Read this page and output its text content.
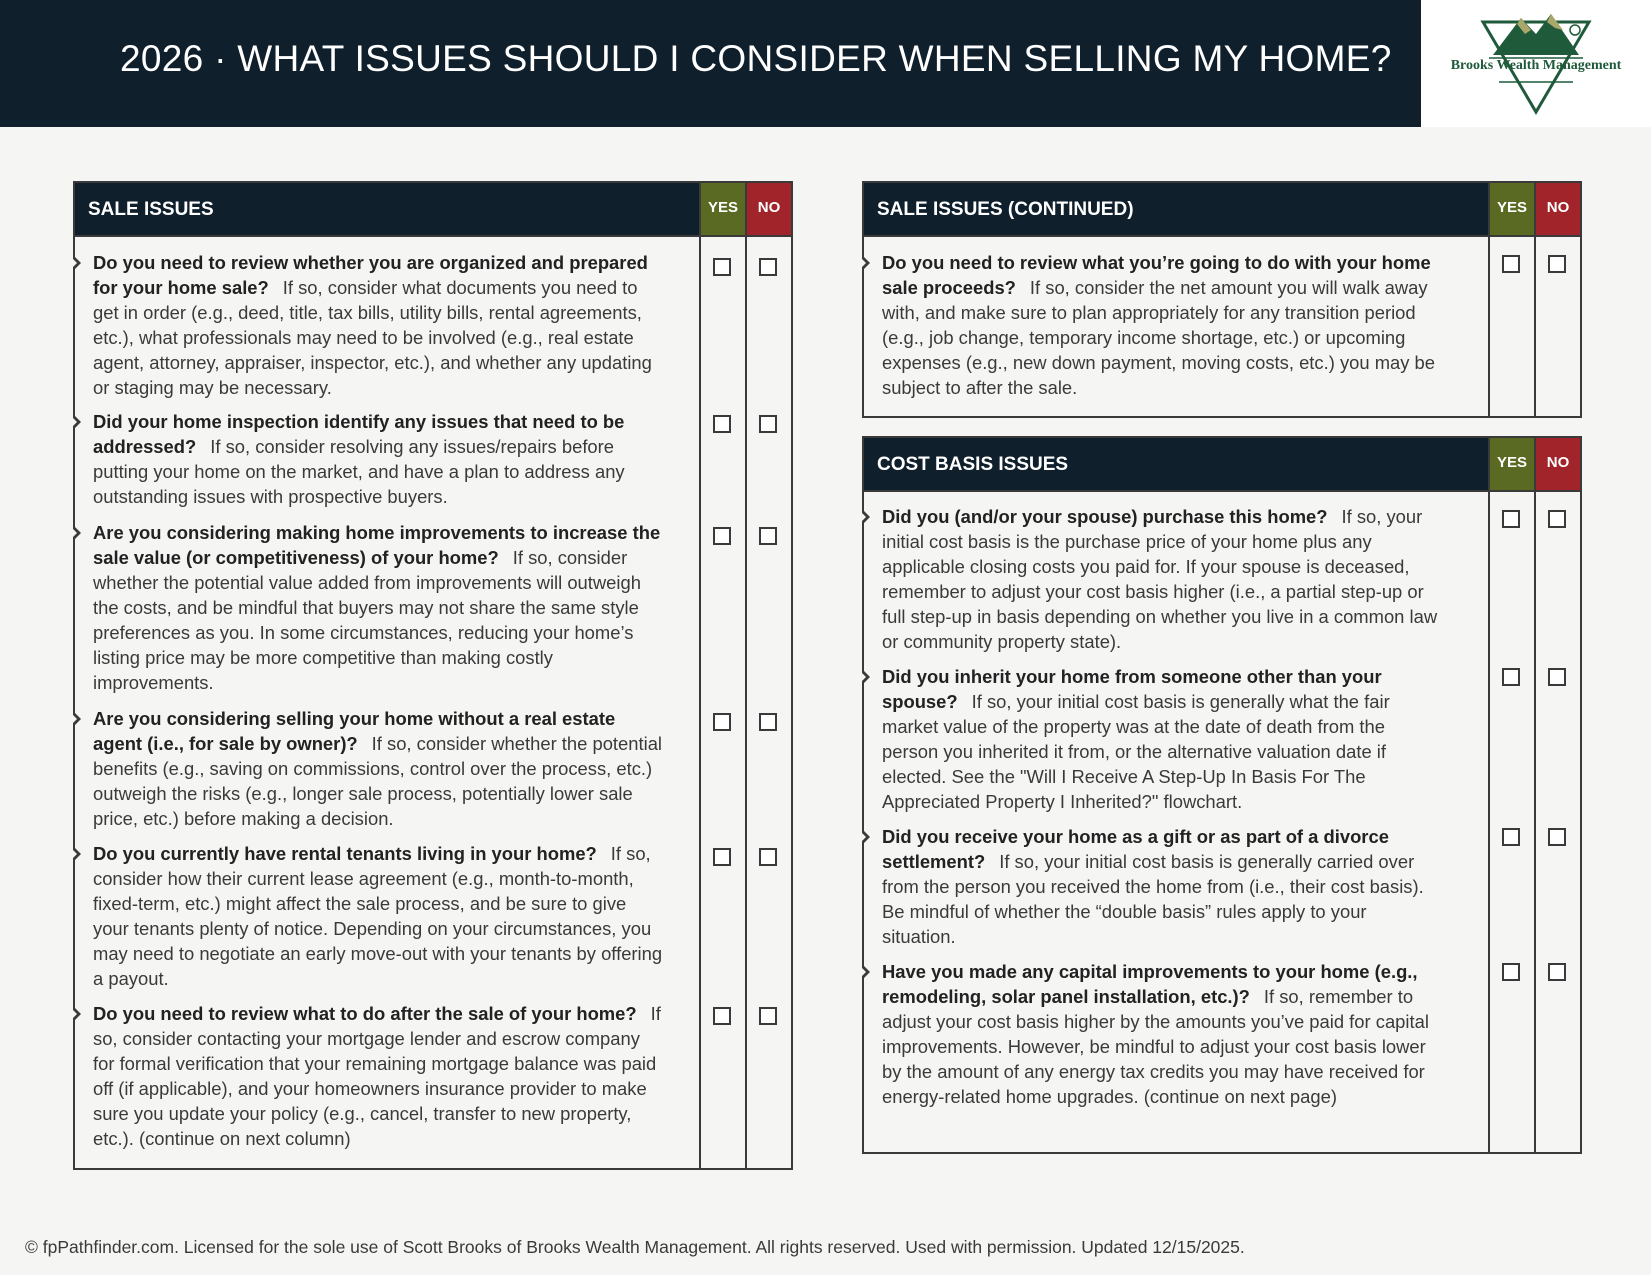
2026 · WHAT ISSUES SHOULD I CONSIDER WHEN SELLING MY HOME?	Brooks Wealth Management
SALE ISSUES	YES	NO
Do you need to review whether you are organized and prepared for your home sale? If so, consider what documents you need to get in order (e.g., deed, title, tax bills, utility bills, rental agreements, etc.), what professionals may need to be involved (e.g., real estate agent, attorney, appraiser, inspector, etc.), and whether any updating or staging may be necessary.
Did your home inspection identify any issues that need to be addressed? If so, consider resolving any issues/repairs before putting your home on the market, and have a plan to address any outstanding issues with prospective buyers.
Are you considering making home improvements to increase the sale value (or competitiveness) of your home? If so, consider whether the potential value added from improvements will outweigh the costs, and be mindful that buyers may not share the same style preferences as you. In some circumstances, reducing your home’s listing price may be more competitive than making costly improvements.
Are you considering selling your home without a real estate agent (i.e., for sale by owner)? If so, consider whether the potential benefits (e.g., saving on commissions, control over the process, etc.) outweigh the risks (e.g., longer sale process, potentially lower sale price, etc.) before making a decision.
Do you currently have rental tenants living in your home? If so, consider how their current lease agreement (e.g., month-to-month, fixed-term, etc.) might affect the sale process, and be sure to give your tenants plenty of notice. Depending on your circumstances, you may need to negotiate an early move-out with your tenants by offering a payout.
Do you need to review what to do after the sale of your home? If so, consider contacting your mortgage lender and escrow company for formal verification that your remaining mortgage balance was paid off (if applicable), and your homeowners insurance provider to make sure you update your policy (e.g., cancel, transfer to new property, etc.). (continue on next column)
SALE ISSUES (CONTINUED)	YES	NO
Do you need to review what you’re going to do with your home sale proceeds? If so, consider the net amount you will walk away with, and make sure to plan appropriately for any transition period (e.g., job change, temporary income shortage, etc.) or upcoming expenses (e.g., new down payment, moving costs, etc.) you may be subject to after the sale.
COST BASIS ISSUES	YES	NO
Did you (and/or your spouse) purchase this home? If so, your initial cost basis is the purchase price of your home plus any applicable closing costs you paid for. If your spouse is deceased, remember to adjust your cost basis higher (i.e., a partial step-up or full step-up in basis depending on whether you live in a common law or community property state).
Did you inherit your home from someone other than your spouse? If so, your initial cost basis is generally what the fair market value of the property was at the date of death from the person you inherited it from, or the alternative valuation date if elected. See the "Will I Receive A Step-Up In Basis For The Appreciated Property I Inherited?" flowchart.
Did you receive your home as a gift or as part of a divorce settlement? If so, your initial cost basis is generally carried over from the person you received the home from (i.e., their cost basis). Be mindful of whether the “double basis” rules apply to your situation.
Have you made any capital improvements to your home (e.g., remodeling, solar panel installation, etc.)? If so, remember to adjust your cost basis higher by the amounts you’ve paid for capital improvements. However, be mindful to adjust your cost basis lower by the amount of any energy tax credits you may have received for energy-related home upgrades. (continue on next page)
© fpPathfinder.com. Licensed for the sole use of Scott Brooks of Brooks Wealth Management. All rights reserved. Used with permission. Updated 12/15/2025.
